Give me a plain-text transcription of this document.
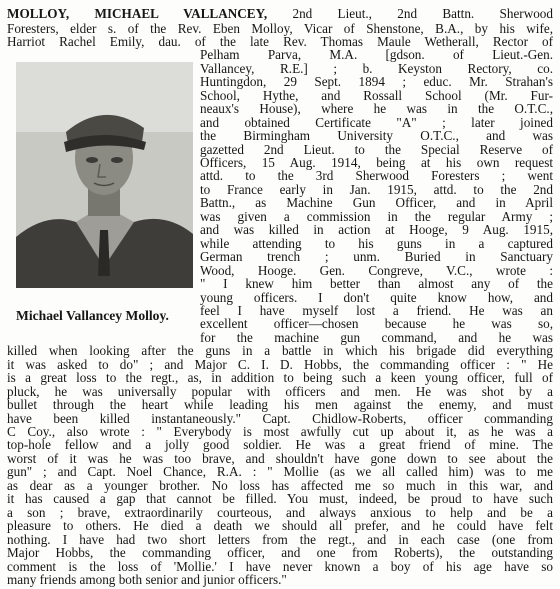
MOLLOY, MICHAEL VALLANCEY, 2nd Lieut., 2nd Battn. Sherwood
Foresters, elder s. of the Rev. Eben Molloy, Vicar of Shenstone, B.A., by his wife,
Harriot Rachel Emily, dau. of the late Rev. Thomas Maule Wetherall, Rector of
Pelham Parva, M.A. [gdson. of Lieut.-Gen.
Vallancey, R.E.] ; b. Keyston Rectory, co.
Huntingdon, 29 Sept. 1894 ; educ. Mr. Strahan's
School, Hythe, and Rossall School (Mr. Fur-
neaux's House), where he was in the O.T.C.,
and obtained Certificate "A" ; later joined
the Birmingham University O.T.C., and was
gazetted 2nd Lieut. to the Special Reserve of
Officers, 15 Aug. 1914, being at his own request
attd. to the 3rd Sherwood Foresters ; went
to France early in Jan. 1915, attd. to the 2nd
Battn., as Machine Gun Officer, and in April
was given a commission in the regular Army ;
and was killed in action at Hooge, 9 Aug. 1915,
while attending to his guns in a captured
German trench ; unm. Buried in Sanctuary
Wood, Hooge. Gen. Congreve, V.C., wrote :
" I knew him better than almost any of the
young officers. I don't quite know how, and
feel I have myself lost a friend. He was an
excellent officer—chosen because he was so,
for the machine gun command, and he was
killed when looking after the guns in a battle in which his brigade did everything
it was asked to do" ; and Major C. I. D. Hobbs, the commanding officer : " He
is a great loss to the regt., as, in addition to being such a keen young officer, full of
pluck, he was universally popular with officers and men. He was shot by a
bullet through the heart while leading his men against the enemy, and must
have been killed instantaneously." Capt. Chidlow-Roberts, officer commanding
C Coy., also wrote : " Everybody is most awfully cut up about it, as he was a
top-hole fellow and a jolly good soldier. He was a great friend of mine. The
worst of it was he was too brave, and shouldn't have gone down to see about the
gun" ; and Capt. Noel Chance, R.A. : " Mollie (as we all called him) was to me
as dear as a younger brother. No loss has affected me so much in this war, and
it has caused a gap that cannot be filled. You must, indeed, be proud to have such
a son ; brave, extraordinarily courteous, and always anxious to help and be a
pleasure to others. He died a death we should all prefer, and he could have felt
nothing. I have had two short letters from the regt., and in each case (one from
Major Hobbs, the commanding officer, and one from Roberts), the outstanding
comment is the loss of 'Mollie.' I have never known a boy of his age have so
many friends among both senior and junior officers."
Michael Vallancey Molloy.
